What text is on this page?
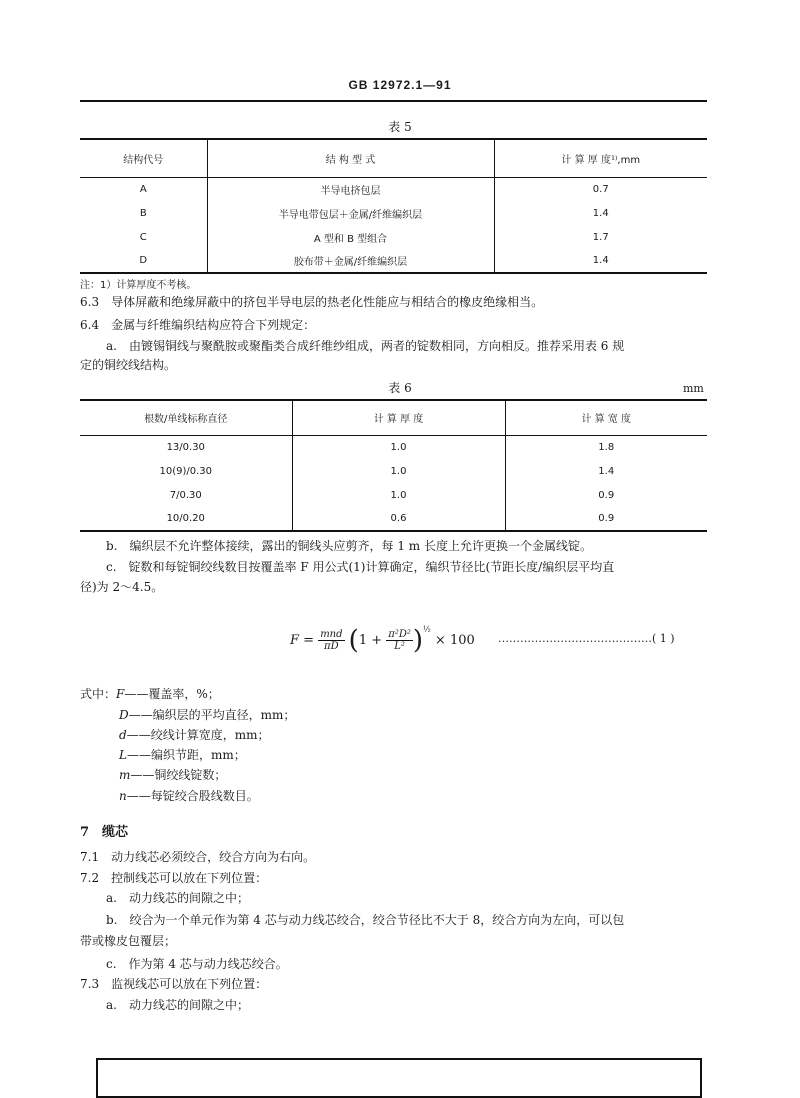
GB 12972.1—91
表 5
结构代号	结 构 型 式	计 算 厚 度¹⁾,mm
A	半导电挤包层	0.7
B	半导电带包层＋金属/纤维编织层	1.4
C	A 型和 B 型组合	1.7
D	胶布带＋金属/纤维编织层	1.4
注：1）计算厚度不考核。
6.3　导体屏蔽和绝缘屏蔽中的挤包半导电层的热老化性能应与相结合的橡皮绝缘相当。
6.4　金属与纤维编织结构应符合下列规定：
a.　由镀锡铜线与聚酰胺或聚酯类合成纤维纱组成，两者的锭数相同，方向相反。推荐采用表 6 规
定的铜绞线结构。
表 6	mm
根数/单线标称直径	计 算 厚 度	计 算 宽 度
13/0.30	1.0	1.8
10(9)/0.30	1.0	1.4
7/0.30	1.0	0.9
10/0.20	0.6	0.9
b.　编织层不允许整体接续，露出的铜线头应剪齐，每 1 m 长度上允许更换一个金属线锭。
c.　锭数和每锭铜绞线数目按覆盖率 F 用公式(1)计算确定，编织节径比(节距长度/编织层平均直
径)为 2～4.5。
$F = \frac{\text{mnd}}{\pi D} (1 + \frac{\text{π²D²}}{\text{L²}} )^{\frac{1}{2}} \times 100$ ……………………………………( 1 )
式中：F——覆盖率，%；
D——编织层的平均直径，mm；
d——绞线计算宽度，mm；
L——编织节距，mm；
m——铜绞线锭数；
n——每锭绞合股线数目。
7　缆芯
7.1　动力线芯必须绞合，绞合方向为右向。
7.2　控制线芯可以放在下列位置：
a.　动力线芯的间隙之中；
b.　绞合为一个单元作为第 4 芯与动力线芯绞合，绞合节径比不大于 8，绞合方向为左向，可以包
带或橡皮包覆层；
c.　作为第 4 芯与动力线芯绞合。
7.3　监视线芯可以放在下列位置：
a.　动力线芯的间隙之中；
